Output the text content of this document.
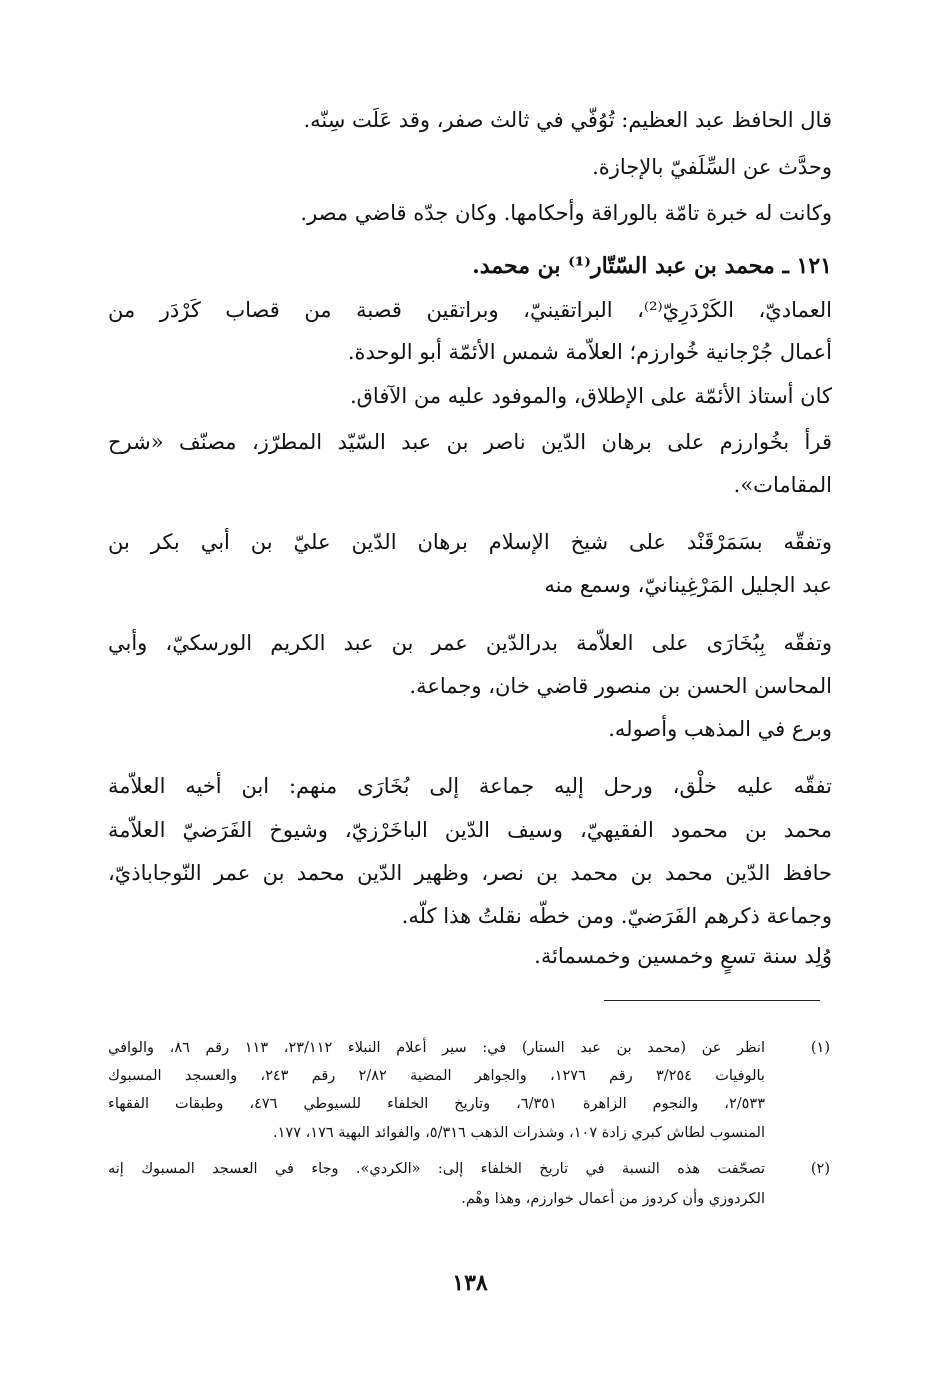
قال الحافظ عبد العظيم: تُوُفّي في ثالث صفر، وقد عَلَت سِنّه.
وحدَّث عن السِّلَفيّ بالإجازة.
وكانت له خبرة تامّة بالوراقة وأحكامها. وكان جدّه قاضي مصر.
١٢١ ـ محمد بن عبد السّتّار⁽¹⁾ بن محمد.
العماديّ، الكَرْدَرِيّ⁽²⁾، البراتقينيّ، وبراتقين قصبة من قصاب كَرْدَر من
أعمال جُرْجانية خُوارزم؛ العلاّمة شمس الأئمّة أبو الوحدة.
كان أستاذ الأئمّة على الإطلاق، والموفود عليه من الآفاق.
قرأ بخُوارزم على برهان الدّين ناصر بن عبد السّيّد المطرّز، مصنّف «شرح
المقامات».
وتفقّه بسَمَرْقَنْد على شيخ الإسلام برهان الدّين عليّ بن أبي بكر بن
عبد الجليل المَرْغِينانيّ، وسمع منه
وتفقّه بِبُخَارَى على العلاّمة بدرالدّين عمر بن عبد الكريم الورسكيّ، وأبي
المحاسن الحسن بن منصور قاضي خان، وجماعة.
وبرع في المذهب وأصوله.
تفقّه عليه خلْق، ورحل إليه جماعة إلى بُخَارَى منهم: ابن أخيه العلاّمة
محمد بن محمود الفقيهيّ، وسيف الدّين الباخَرْزيّ، وشيوخ الفَرَضيّ العلاّمة
حافظ الدّين محمد بن محمد بن نصر، وظهير الدّين محمد بن عمر النّوجاباذيّ،
وجماعة ذكرهم الفَرَضيّ. ومن خطّه نقلتُ هذا كلّه.
وُلِد سنة تسعٍ وخمسين وخمسمائة.
(١)
انظر عن (محمد بن عبد الستار) في: سير أعلام النبلاء ٢٣/١١٢، ١١٣ رقم ٨٦، والوافي
بالوفيات ٣/٢٥٤ رقم ١٢٧٦، والجواهر المضية ٢/٨٢ رقم ٢٤٣، والعسجد المسبوك
٢/٥٣٣، والنجوم الزاهرة ٦/٣٥١، وتاريخ الخلفاء للسيوطي ٤٧٦، وطبقات الفقهاء
المنسوب لطاش كبري زادة ١٠٧، وشذرات الذهب ٥/٣١٦، والفوائد البهية ١٧٦، ١٧٧.
(٢)
تصحّفت هذه النسبة في تاريخ الخلفاء إلى: «الكردي». وجاء في العسجد المسبوك إنه
الكردوزي وأن كردوز من أعمال خوارزم، وهذا وهْم.
١٣٨
